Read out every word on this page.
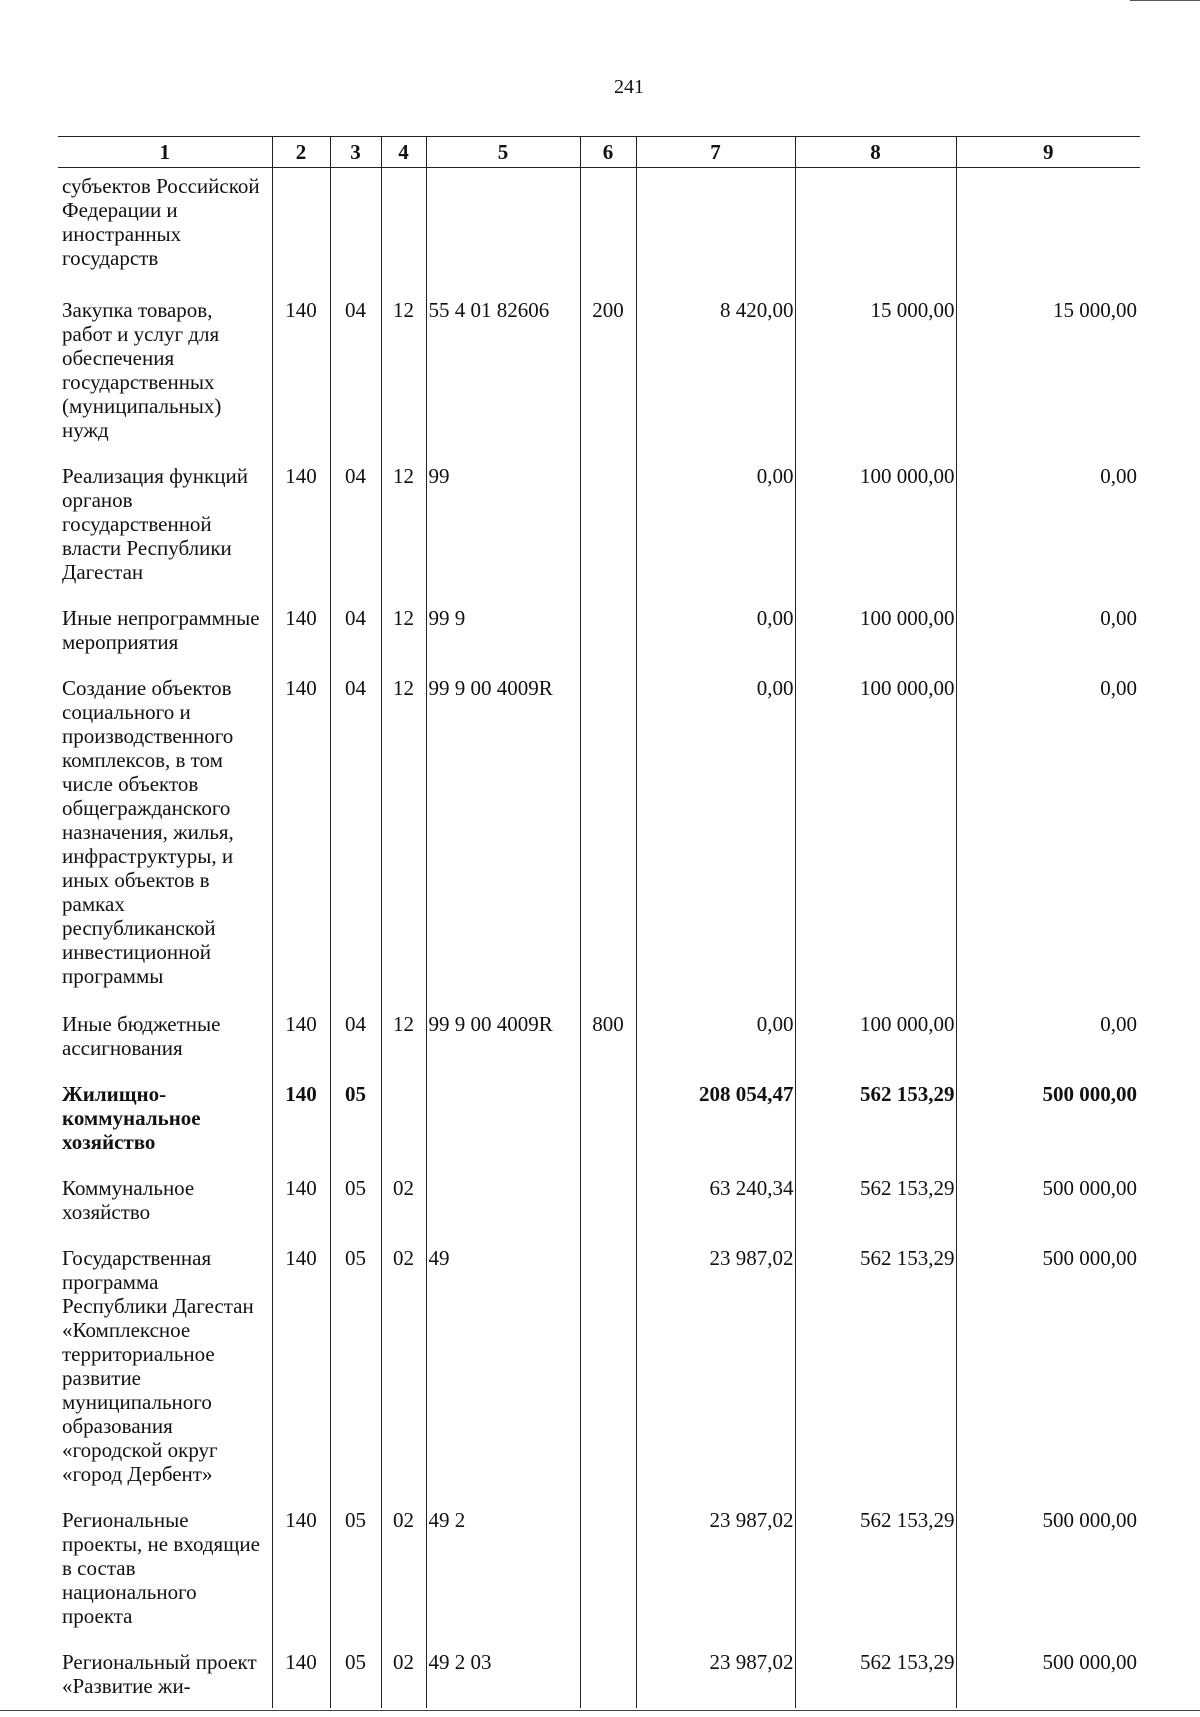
241
1	2	3	4	5	6	7	8	9
субъектов Российской Федерации и иностранных государств								
Закупка товаров, работ и услуг для обеспечения государственных (муниципальных) нужд	140	04	12	55 4 01 82606	200	8 420,00	15 000,00	15 000,00
Реализация функций органов государственной власти Республики Дагестан	140	04	12	99		0,00	100 000,00	0,00
Иные непрограммные мероприятия	140	04	12	99 9		0,00	100 000,00	0,00
Создание объектов социального и производственного комплексов, в том числе объектов общегражданского назначения, жилья, инфраструктуры, и иных объектов в рамках республиканской инвестиционной программы	140	04	12	99 9 00 4009R		0,00	100 000,00	0,00
Иные бюджетные ассигнования	140	04	12	99 9 00 4009R	800	0,00	100 000,00	0,00
Жилищно-коммунальное хозяйство	140	05				208 054,47	562 153,29	500 000,00
Коммунальное хозяйство	140	05	02			63 240,34	562 153,29	500 000,00
Государственная программа Республики Дагестан «Комплексное территориальное развитие муниципального образования «городской округ «город Дербент»	140	05	02	49		23 987,02	562 153,29	500 000,00
Региональные проекты, не входящие в состав национального проекта	140	05	02	49 2		23 987,02	562 153,29	500 000,00
Региональный проект «Развитие жи-	140	05	02	49 2 03		23 987,02	562 153,29	500 000,00
